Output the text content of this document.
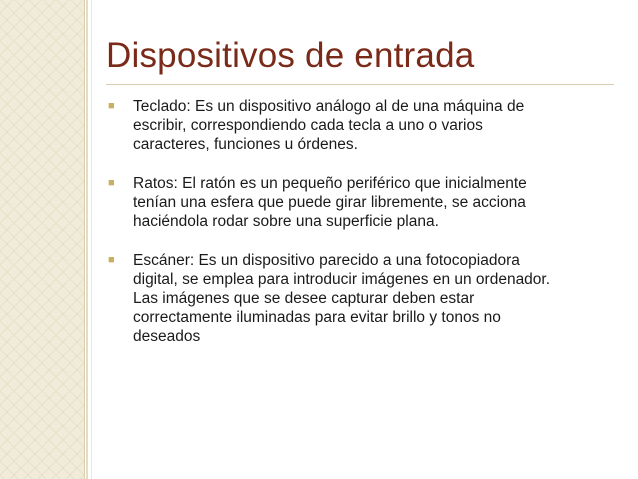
Dispositivos de entrada
■ Teclado: Es un dispositivo análogo al de una máquina de
escribir, correspondiendo cada tecla a uno o varios
caracteres, funciones u órdenes.
■ Ratos: El ratón es un pequeño periférico que inicialmente
tenían una esfera que puede girar libremente, se acciona
haciéndola rodar sobre una superficie plana.
■ Escáner: Es un dispositivo parecido a una fotocopiadora
digital, se emplea para introducir imágenes en un ordenador.
Las imágenes que se desee capturar deben estar
correctamente iluminadas para evitar brillo y tonos no
deseados
